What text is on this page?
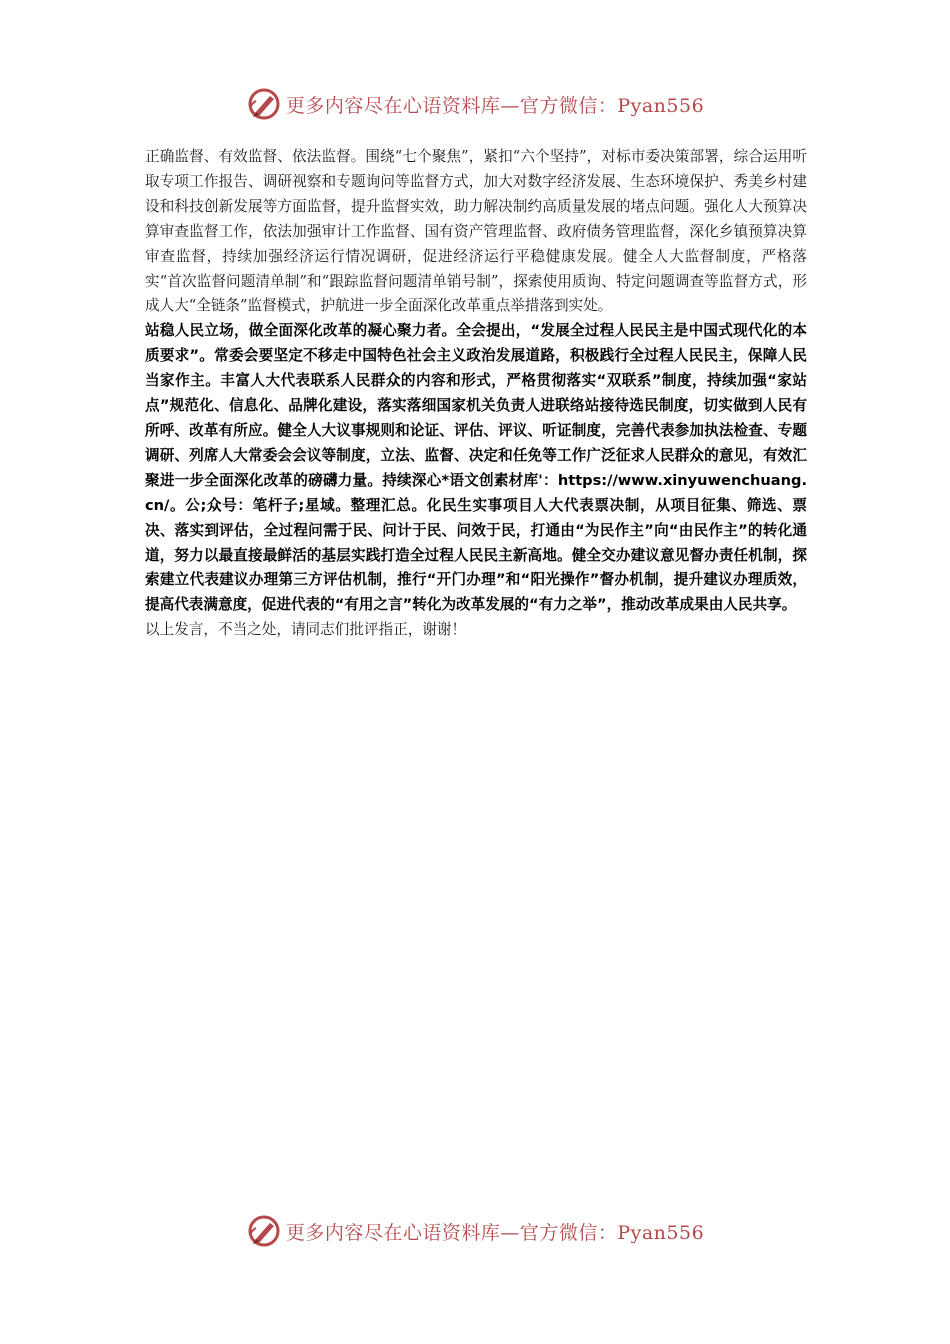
更多内容尽在心语资料库— 官方微信：Pyan556

正确监督、有效监督、依法监督。围绕“七个聚焦”，紧扣“六个坚持”，对标市委决策部署，综合运用听取专项工作报告、调研视察和专题询问等监督方式，加大对数字经济发展、生态环境保护、秀美乡村建设和科技创新发展等方面监督，提升监督实效，助力解决制约高质量发展的堵点问题。强化人大预算决算审查监督工作，依法加强审计工作监督、国有资产管理监督、政府债务管理监督，深化乡镇预算决算审查监督，持续加强经济运行情况调研，促进经济运行平稳健康发展。健全人大监督制度，严格落实“首次监督问题清单制”和“跟踪监督问题清单销号制”，探索使用质询、特定问题调查等监督方式，形成人大“全链条”监督模式，护航进一步全面深化改革重点举措落到实处。

站稳人民立场，做全面深化改革的凝心聚力者。全会提出，“发展全过程人民民主是中国式现代化的本质要求”。常委会要坚定不移走中国特色社会主义政治发展道路，积极践行全过程人民民主，保障人民当家作主。丰富人大代表联系人民群众的内容和形式，严格贯彻落实“双联系”制度，持续加强“家站点”规范化、信息化、品牌化建设，落实落细国家机关负责人进联络站接待选民制度，切实做到人民有所呼、改革有所应。健全人大议事规则和论证、评估、评议、听证制度，完善代表参加执法检查、专题调研、列席人大常委会会议等制度，立法、监督、决定和任免等工作广泛征求人民群众的意见，有效汇聚进一步全面深化改革的磅礴力量。持续深心*语文创素材库'：https://www.xinyuwenchuang.cn/。公;众号：笔杆子;星域。整理汇总。化民生实事项目人大代表票决制，从项目征集、筛选、票决、落实到评估，全过程问需于民、问计于民、问效于民，打通由“为民作主”向“由民作主”的转化通道，努力以最直接最鲜活的基层实践打造全过程人民民主新高地。健全交办建议意见督办责任机制，探索建立代表建议办理第三方评估机制，推行“开门办理”和“阳光操作”督办机制，提升建议办理质效，提高代表满意度，促进代表的“有用之言”转化为改革发展的“有力之举”，推动改革成果由人民共享。

以上发言，不当之处，请同志们批评指正，谢谢！

更多内容尽在心语资料库— 官方微信：Pyan556
